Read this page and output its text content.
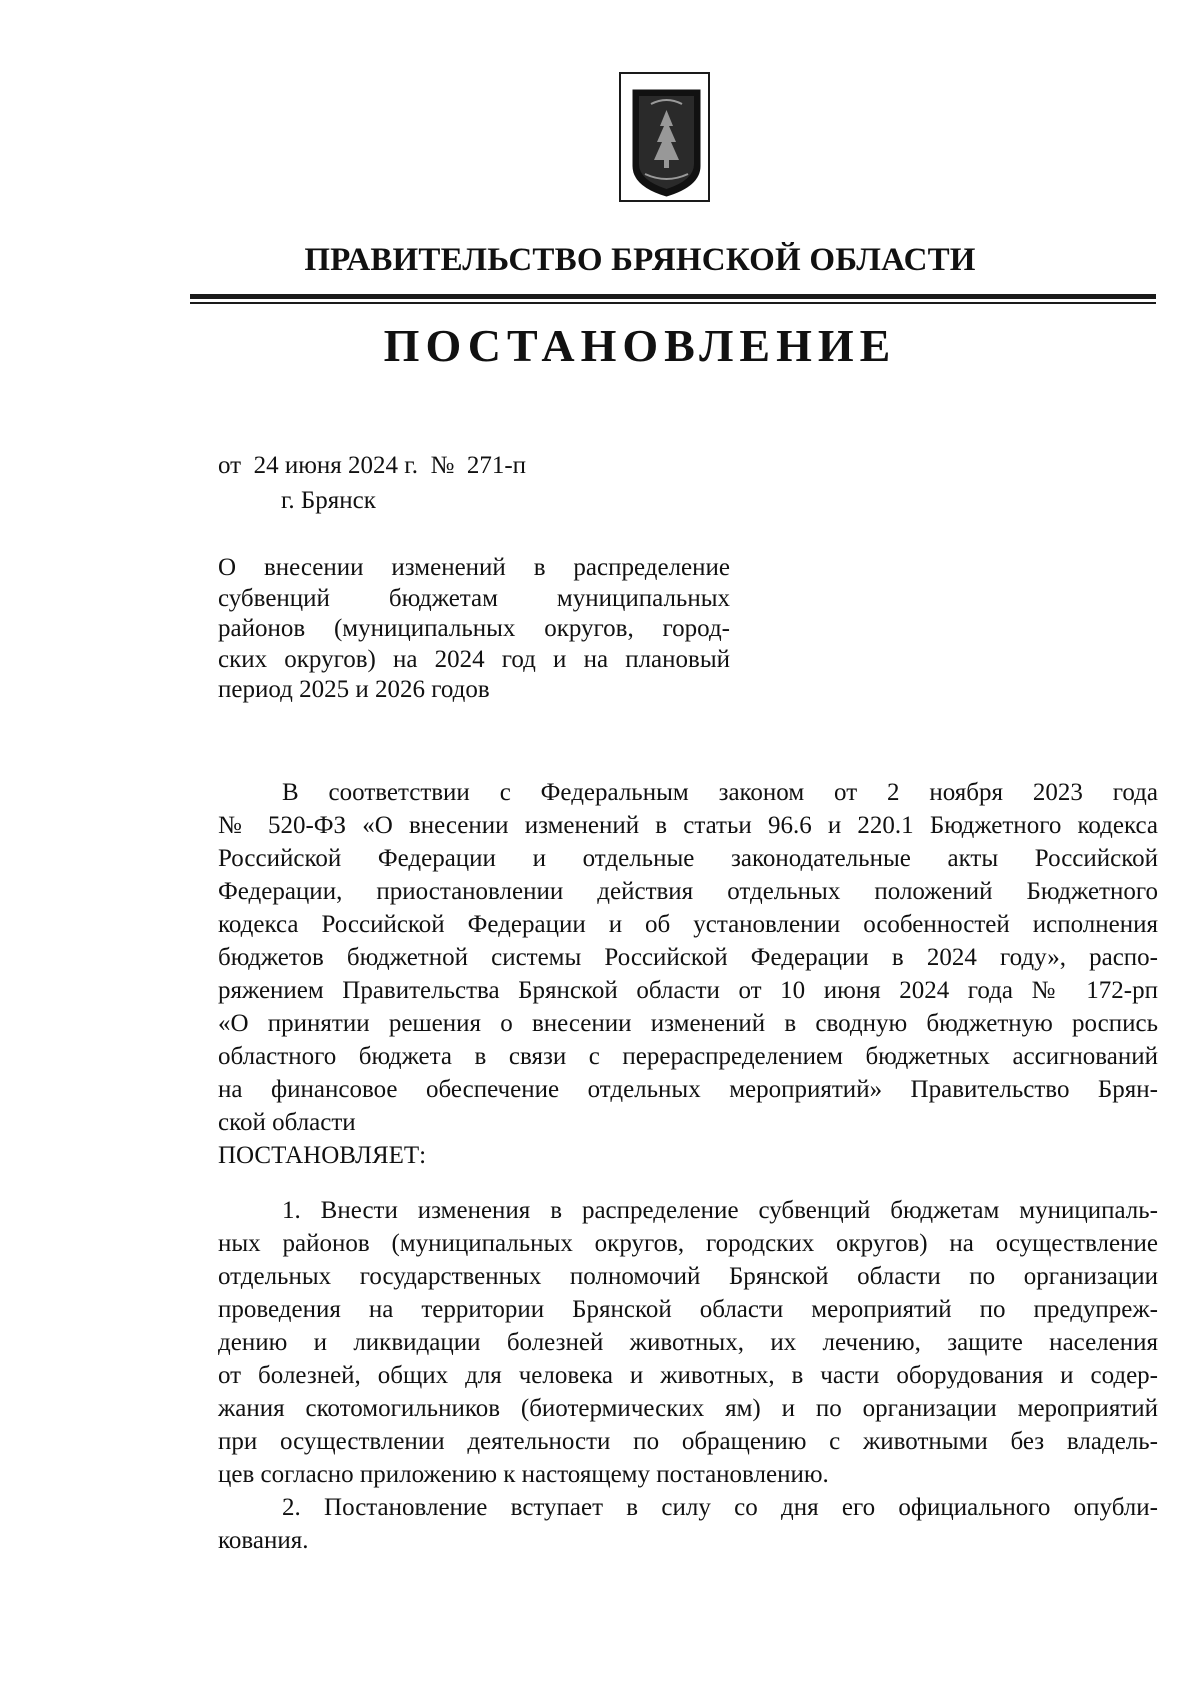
ПРАВИТЕЛЬСТВО БРЯНСКОЙ ОБЛАСТИ
ПОСТАНОВЛЕНИЕ
от  24 июня 2024 г.  №  271-п
г. Брянск
О внесении изменений в распределение
субвенций бюджетам муниципальных
районов (муниципальных округов, город-
ских округов) на 2024 год и на плановый
период 2025 и 2026 годов
В соответствии с Федеральным законом от 2 ноября 2023 года
№ 520-ФЗ «О внесении изменений в статьи 96.6 и 220.1 Бюджетного кодекса
Российской Федерации и отдельные законодательные акты Российской
Федерации, приостановлении действия отдельных положений Бюджетного
кодекса Российской Федерации и об установлении особенностей исполнения
бюджетов бюджетной системы Российской Федерации в 2024 году», распо-
ряжением Правительства Брянской области от 10 июня 2024 года № 172-рп
«О принятии решения о внесении изменений в сводную бюджетную роспись
областного бюджета в связи с перераспределением бюджетных ассигнований
на финансовое обеспечение отдельных мероприятий» Правительство Брян-
ской области
ПОСТАНОВЛЯЕТ:
1. Внести изменения в распределение субвенций бюджетам муниципаль-
ных районов (муниципальных округов, городских округов) на осуществление
отдельных государственных полномочий Брянской области по организации
проведения на территории Брянской области мероприятий по предупреж-
дению и ликвидации болезней животных, их лечению, защите населения
от болезней, общих для человека и животных, в части оборудования и содер-
жания скотомогильников (биотермических ям) и по организации мероприятий
при осуществлении деятельности по обращению с животными без владель-
цев согласно приложению к настоящему постановлению.
2. Постановление вступает в силу со дня его официального опубли-
кования.
